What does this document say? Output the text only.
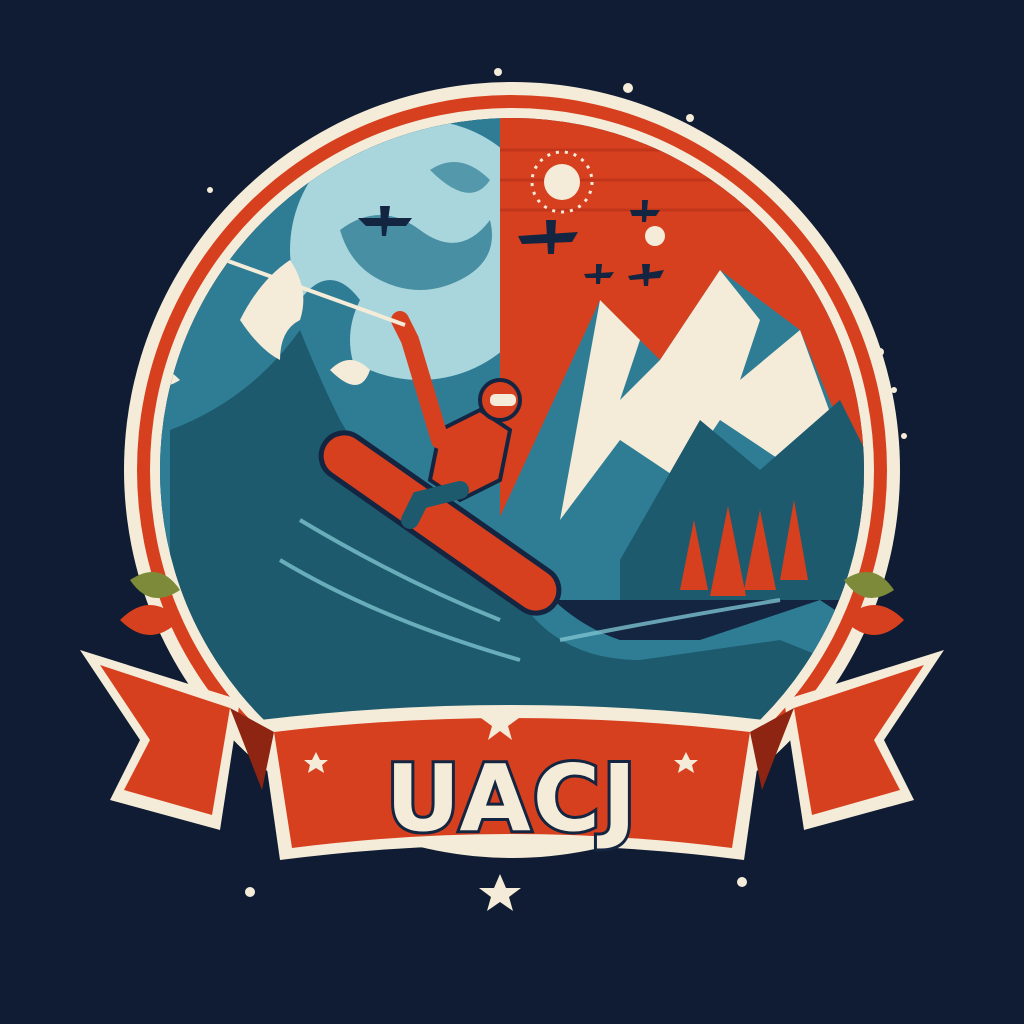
UACJ
